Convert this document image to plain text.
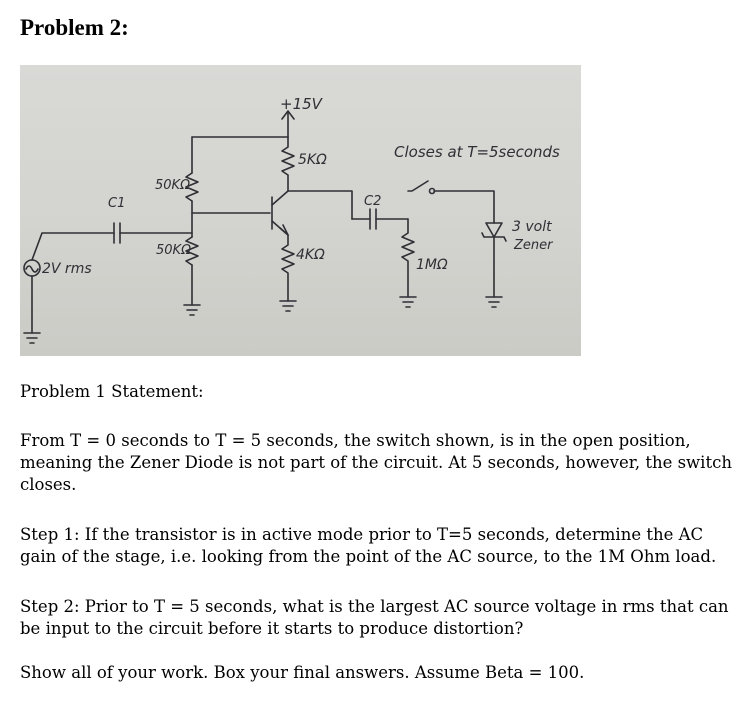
Problem 2:
+15V
5KΩ	Closes at T=5seconds
C1	C2
50KΩ
50KΩ	4KΩ
1MΩ
3 volt
Zener
2V rms

Problem 1 Statement:

From T = 0 seconds to T = 5 seconds, the switch shown, is in the open position, meaning the Zener Diode is not part of the circuit. At 5 seconds, however, the switch closes.

Step 1: If the transistor is in active mode prior to T=5 seconds, determine the AC gain of the stage, i.e. looking from the point of the AC source, to the 1M Ohm load.

Step 2: Prior to T = 5 seconds, what is the largest AC source voltage in rms that can be input to the circuit before it starts to produce distortion?

Show all of your work. Box your final answers. Assume Beta = 100.
